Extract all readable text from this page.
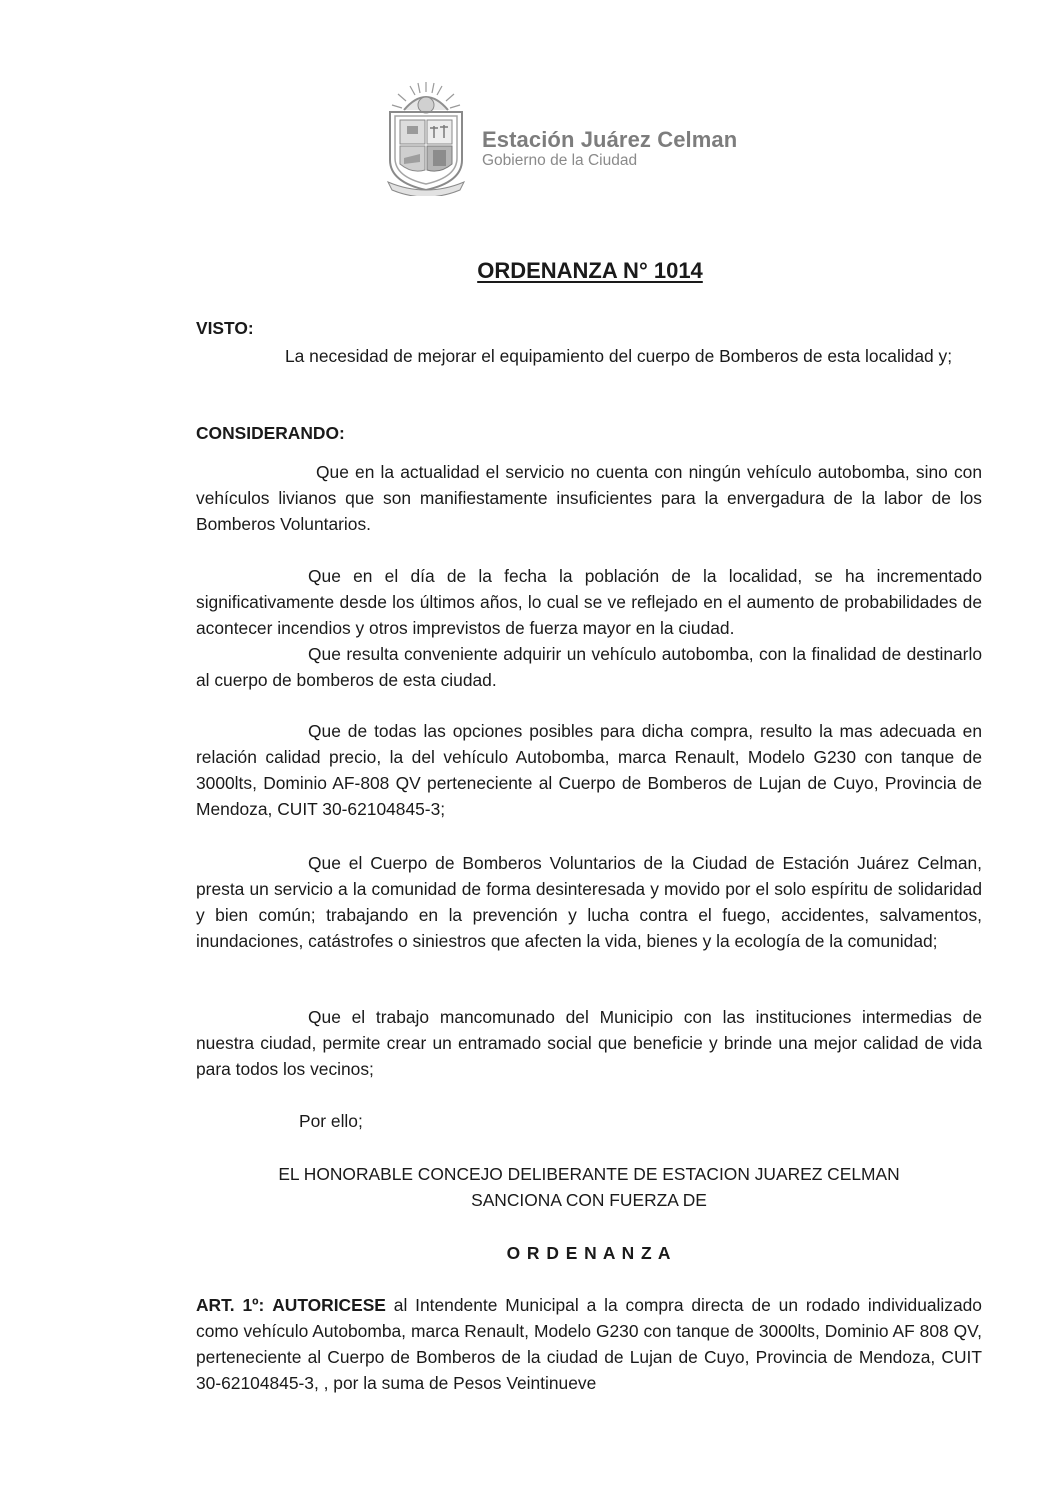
Estación Juárez Celman
Gobierno de la Ciudad
ORDENANZA N° 1014
VISTO:

La necesidad de mejorar el equipamiento del cuerpo de Bomberos de esta localidad y;

CONSIDERANDO:

Que en la actualidad el servicio no cuenta con ningún vehículo autobomba, sino con vehículos livianos que son manifiestamente insuficientes para la envergadura de la labor de los Bomberos Voluntarios.

Que en el día de la fecha la población de la localidad, se ha incrementado significativamente desde los últimos años, lo cual se ve reflejado en el aumento de probabilidades de acontecer incendios y otros imprevistos de fuerza mayor en la ciudad.

Que resulta conveniente adquirir un vehículo autobomba, con la finalidad de destinarlo al cuerpo de bomberos de esta ciudad.

Que de todas las opciones posibles para dicha compra, resulto la mas adecuada en relación calidad precio, la del vehículo Autobomba, marca Renault, Modelo G230 con tanque de 3000lts, Dominio AF-808 QV perteneciente al Cuerpo de Bomberos de Lujan de Cuyo, Provincia de Mendoza, CUIT 30-62104845-3;

Que el Cuerpo de Bomberos Voluntarios de la Ciudad de Estación Juárez Celman, presta un servicio a la comunidad de forma desinteresada y movido por el solo espíritu de solidaridad y bien común; trabajando en la prevención y lucha contra el fuego, accidentes, salvamentos, inundaciones, catástrofes o siniestros que afecten la vida, bienes y la ecología de la comunidad;

Que el trabajo mancomunado del Municipio con las instituciones intermedias de nuestra ciudad, permite crear un entramado social que beneficie y brinde una mejor calidad de vida para todos los vecinos;

Por ello;
EL HONORABLE CONCEJO DELIBERANTE DE ESTACION JUAREZ CELMAN
SANCIONA CON FUERZA DE
O R D E N A N Z A

ART. 1º: AUTORICESE al Intendente Municipal a la compra directa de un rodado individualizado como vehículo Autobomba, marca Renault, Modelo G230 con tanque de 3000lts, Dominio AF 808 QV, perteneciente al Cuerpo de Bomberos de la ciudad de Lujan de Cuyo, Provincia de Mendoza, CUIT 30-62104845-3, , por la suma de Pesos Veintinueve
